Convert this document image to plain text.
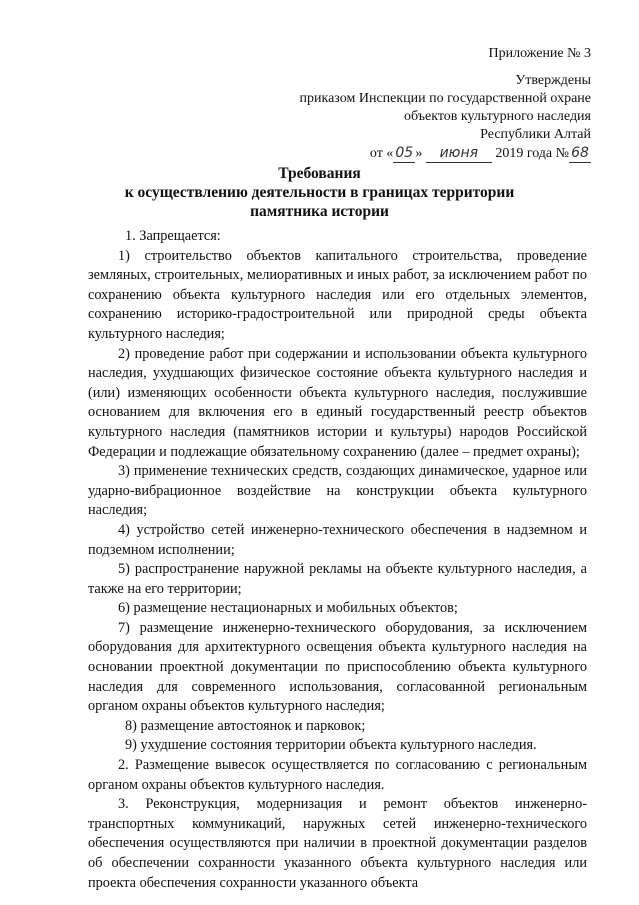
Приложение № 3
Утверждены
приказом Инспекции по государственной охране
объектов культурного наследия
Республики Алтай
от « 05 » июня 2019 года № 68
Требования
к осуществлению деятельности в границах территории
памятника истории

1. Запрещается:

1) строительство объектов капитального строительства, проведение земляных, строительных, мелиоративных и иных работ, за исключением работ по сохранению объекта культурного наследия или его отдельных элементов, сохранению историко-градостроительной или природной среды объекта культурного наследия;

2) проведение работ при содержании и использовании объекта культурного наследия, ухудшающих физическое состояние объекта культурного наследия и (или) изменяющих особенности объекта культурного наследия, послужившие основанием для включения его в единый государственный реестр объектов культурного наследия (памятников истории и культуры) народов Российской Федерации и подлежащие обязательному сохранению (далее – предмет охраны);

3) применение технических средств, создающих динамическое, ударное или ударно-вибрационное воздействие на конструкции объекта культурного наследия;

4) устройство сетей инженерно-технического обеспечения в надземном и подземном исполнении;

5) распространение наружной рекламы на объекте культурного наследия, а также на его территории;

6) размещение нестационарных и мобильных объектов;

7) размещение инженерно-технического оборудования, за исключением оборудования для архитектурного освещения объекта культурного наследия на основании проектной документации по приспособлению объекта культурного наследия для современного использования, согласованной региональным органом охраны объектов культурного наследия;

8) размещение автостоянок и парковок;

9) ухудшение состояния территории объекта культурного наследия.

2. Размещение вывесок осуществляется по согласованию с региональным органом охраны объектов культурного наследия.

3. Реконструкция, модернизация и ремонт объектов инженерно-транспортных коммуникаций, наружных сетей инженерно-технического обеспечения осуществляются при наличии в проектной документации разделов об обеспечении сохранности указанного объекта культурного наследия или проекта обеспечения сохранности указанного объекта
